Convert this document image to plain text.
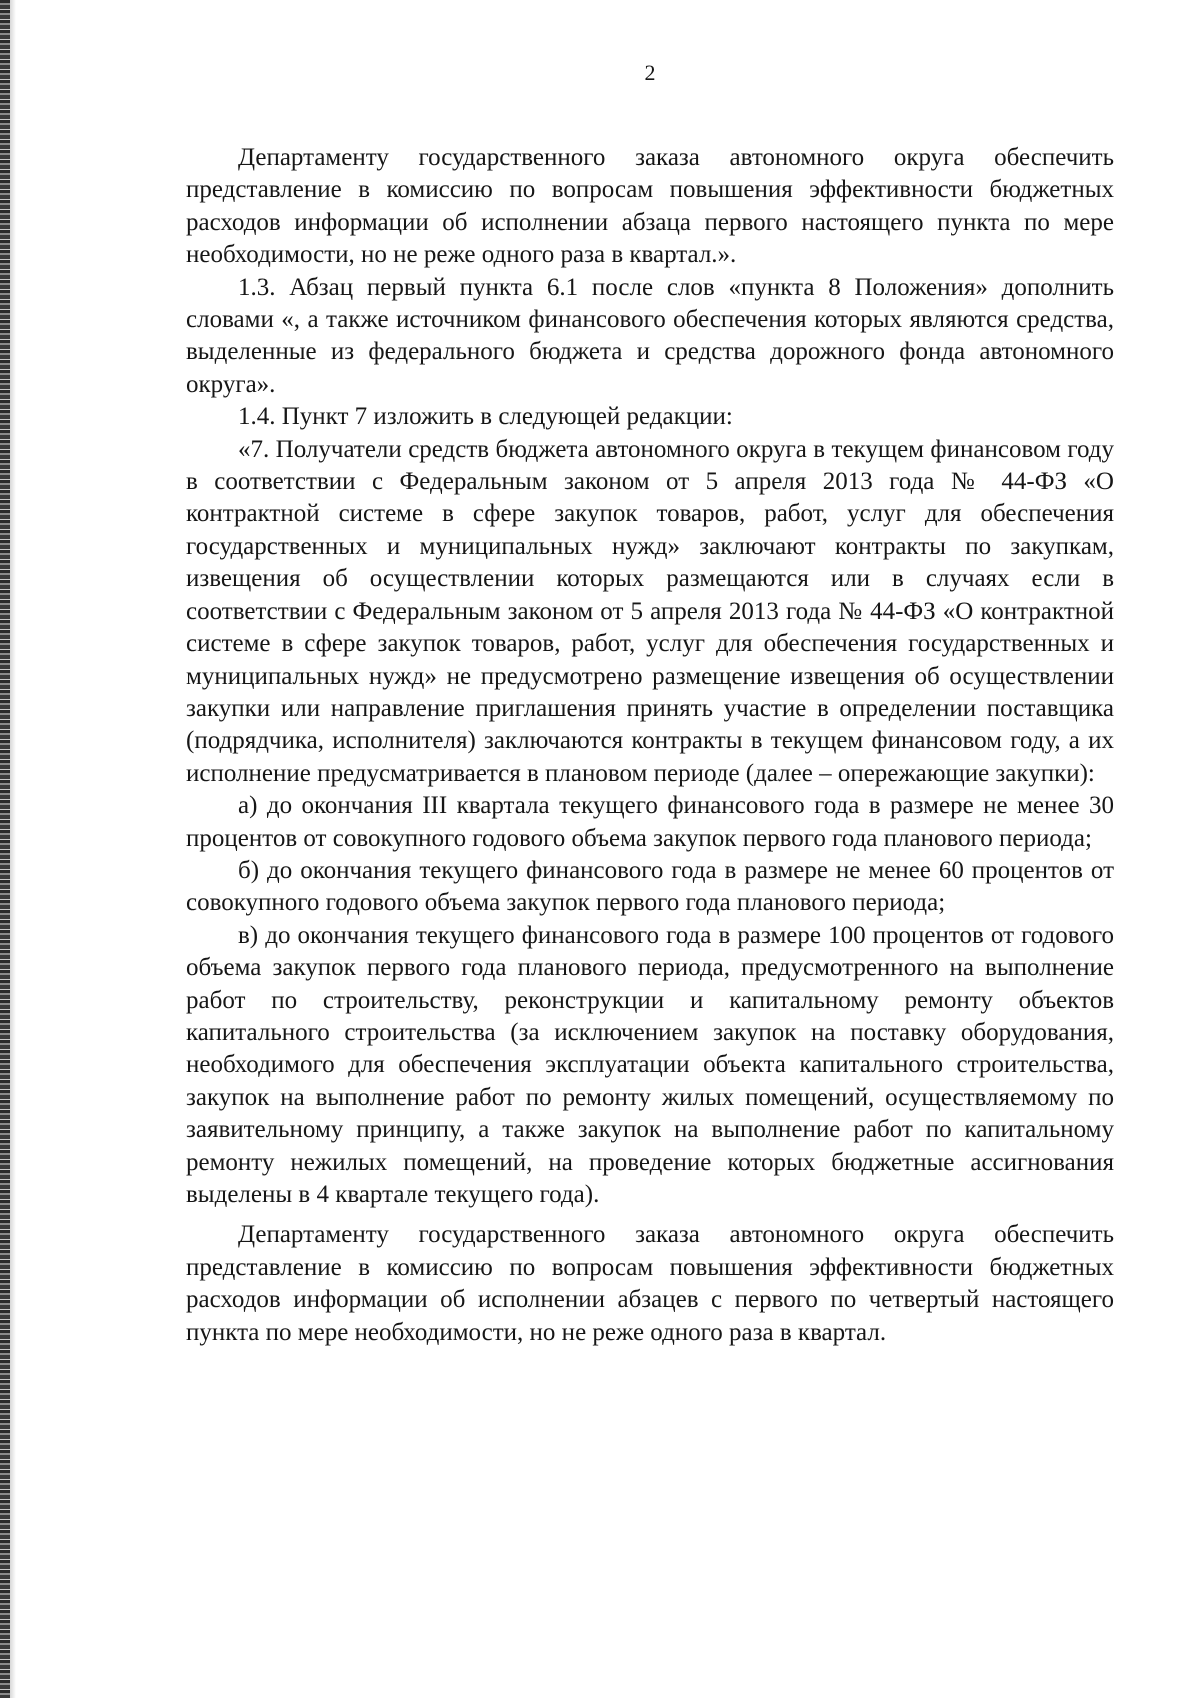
2

Департаменту государственного заказа автономного округа обеспечить представление в комиссию по вопросам повышения эффективности бюджетных расходов информации об исполнении абзаца первого настоящего пункта по мере необходимости, но не реже одного раза в квартал.».

1.3. Абзац первый пункта 6.1 после слов «пункта 8 Положения» дополнить словами «, а также источником финансового обеспечения которых являются средства, выделенные из федерального бюджета и средства дорожного фонда автономного округа».

1.4. Пункт 7 изложить в следующей редакции:

«7. Получатели средств бюджета автономного округа в текущем финансовом году в соответствии с Федеральным законом от 5 апреля 2013 года № 44-ФЗ «О контрактной системе в сфере закупок товаров, работ, услуг для обеспечения государственных и муниципальных нужд» заключают контракты по закупкам, извещения об осуществлении которых размещаются или в случаях если в соответствии с Федеральным законом от 5 апреля 2013 года № 44-ФЗ «О контрактной системе в сфере закупок товаров, работ, услуг для обеспечения государственных и муниципальных нужд» не предусмотрено размещение извещения об осуществлении закупки или направление приглашения принять участие в определении поставщика (подрядчика, исполнителя) заключаются контракты в текущем финансовом году, а их исполнение предусматривается в плановом периоде (далее – опережающие закупки):

а) до окончания III квартала текущего финансового года в размере не менее 30 процентов от совокупного годового объема закупок первого года планового периода;

б) до окончания текущего финансового года в размере не менее 60 процентов от совокупного годового объема закупок первого года планового периода;

в) до окончания текущего финансового года в размере 100 процентов от годового объема закупок первого года планового периода, предусмотренного на выполнение работ по строительству, реконструкции и капитальному ремонту объектов капитального строительства (за исключением закупок на поставку оборудования, необходимого для обеспечения эксплуатации объекта капитального строительства, закупок на выполнение работ по ремонту жилых помещений, осуществляемому по заявительному принципу, а также закупок на выполнение работ по капитальному ремонту нежилых помещений, на проведение которых бюджетные ассигнования выделены в 4 квартале текущего года).

Департаменту государственного заказа автономного округа обеспечить представление в комиссию по вопросам повышения эффективности бюджетных расходов информации об исполнении абзацев с первого по четвертый настоящего пункта по мере необходимости, но не реже одного раза в квартал.
